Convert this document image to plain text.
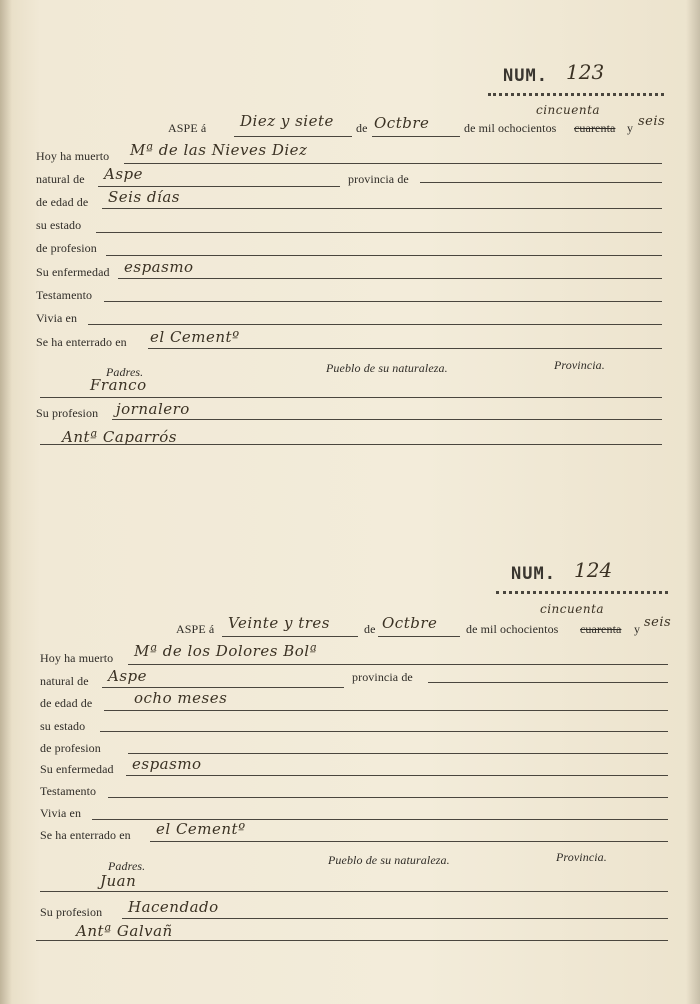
NUM. 123
ASPE á Diez y siete de Octbre	de mil ochocientos
cincuenta
cuarenta y seis
Hoy ha muerto Mª de las Nieves Diez
natural de Aspe	provincia de
de edad de Seis días
su estado
de profesion
Su enfermedad espasmo
Testamento
Vivia en
Se ha enterrado en el Cementº
Padres.	Pueblo de su naturaleza.	Provincia.
Franco
Su profesion jornalero
Antª Caparrós
NUM. 124
ASPE á Veinte y tres	de Octbre de mil ochocientos
cincuenta
cuarenta y seis
Hoy ha muerto Mª de los Dolores Bolª
natural de Aspe	provincia de
de edad de	ocho meses
su estado
de profesion
Su enfermedad espasmo
Testamento
Vivia en
Se ha enterrado en el Cementº
Padres.	Pueblo de su naturaleza.	Provincia.
Juan
Su profesion Hacendado
Antª Galvañ
